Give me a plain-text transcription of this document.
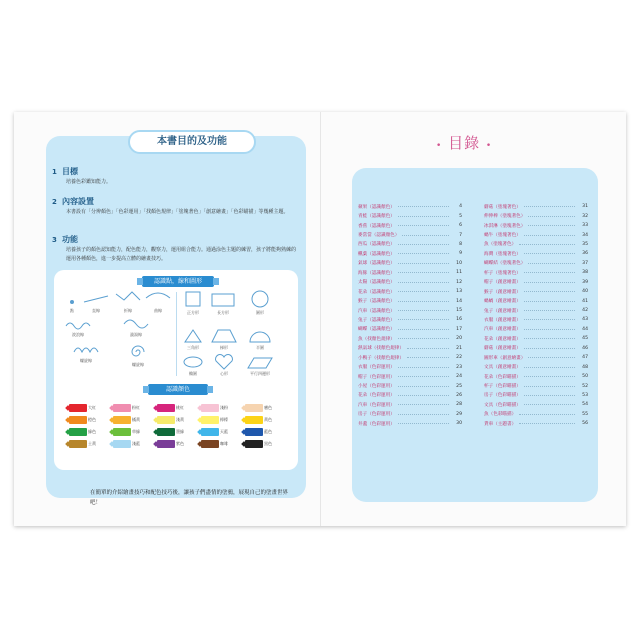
本書目的及功能
1 目標
培養色彩鑑知能力。
2 內容設置
本書設有「分辨顏色」「色彩運用」「找顏色規律」「塗塊著色」「創意繪畫」「色彩瞄描」等幾種主題。
3 功能
培養孩子的顏色認知能力，配色能力，觀察力，運用組合能力。通過涂色主題的練習，孩子將能夠熟練的運用各種顏色，進一步提高立體的繪畫技巧。
認識點，線和圖形
點	直線	折線	曲線
波浪線	漩渦線
螺旋線
螺旋線
正方形	長方形	圓形
三角形	梯形	半圓
橢圓	心形	平行四邊形
認識顏色
大紅	粉紅	桃紅	淺粉	膚色
橙色	橘黃	淺黃	檸檬	黃色
綠色	草綠	墨綠	天藍	藍色
土黃	淺藍	紫色	咖啡	黑色
在簡單的介紹繪畫技巧和配色技巧後，讓孩子們盡情的塗鴉，展現自己的塗畫世界吧！
• 目錄 •
蘋果（認識顏色）	4
青蛙（認識顏色）	5
香蕉（認識顏色）	6
麥當當（認識顏色）	7
西瓜（認識顏色）	8
楓葉（認識顏色）	9
氣球（認識顏色）	10
海豚（認識顏色）	11
太陽（認識顏色）	12
花朵（認識顏色）	13
猴子（認識顏色）	14
汽車（認識顏色）	15
兔子（認識顏色）	16
蝴蝶（認識顏色）	17
魚（找顏色規律）	20
熱氣球（找顏色規律）	21
小鴨子（找顏色規律）	22
衣服（色彩運用）	23
帽子（色彩運用）	24
小屋（色彩運用）	25
花朵（色彩運用）	26
汽車（色彩運用）	28
房子（色彩運用）	29
井蓋（色彩運用）	30
蘑菇（塗塊著色）	31
伸伸棒（塗塊著色）	32
冰淇淋（塗塊著色）	33
蝸牛（塗塊著色）	34
魚（塗塊著色）	35
海灣（塗塊著色）	36
蝴蝶結（塗塊著色）	37
杯子（塗塊著色）	38
帽子（創意繪畫）	39
猴子（創意繪畫）	40
蝸蝸（創意繪畫）	41
兔子（創意繪畫）	42
衣服（創意繪畫）	43
汽車（創意繪畫）	44
花朵（創意繪畫）	45
蘑菇（創意繪畫）	46
圖形車（創意繪畫）	47
文具（創意繪畫）	48
花朵（色彩瞄描）	50
杯子（色彩瞄描）	52
房子（色彩瞄描）	53
文具（色彩瞄描）	54
魚（色彩瞄描）	55
貨車（主題書）	56
